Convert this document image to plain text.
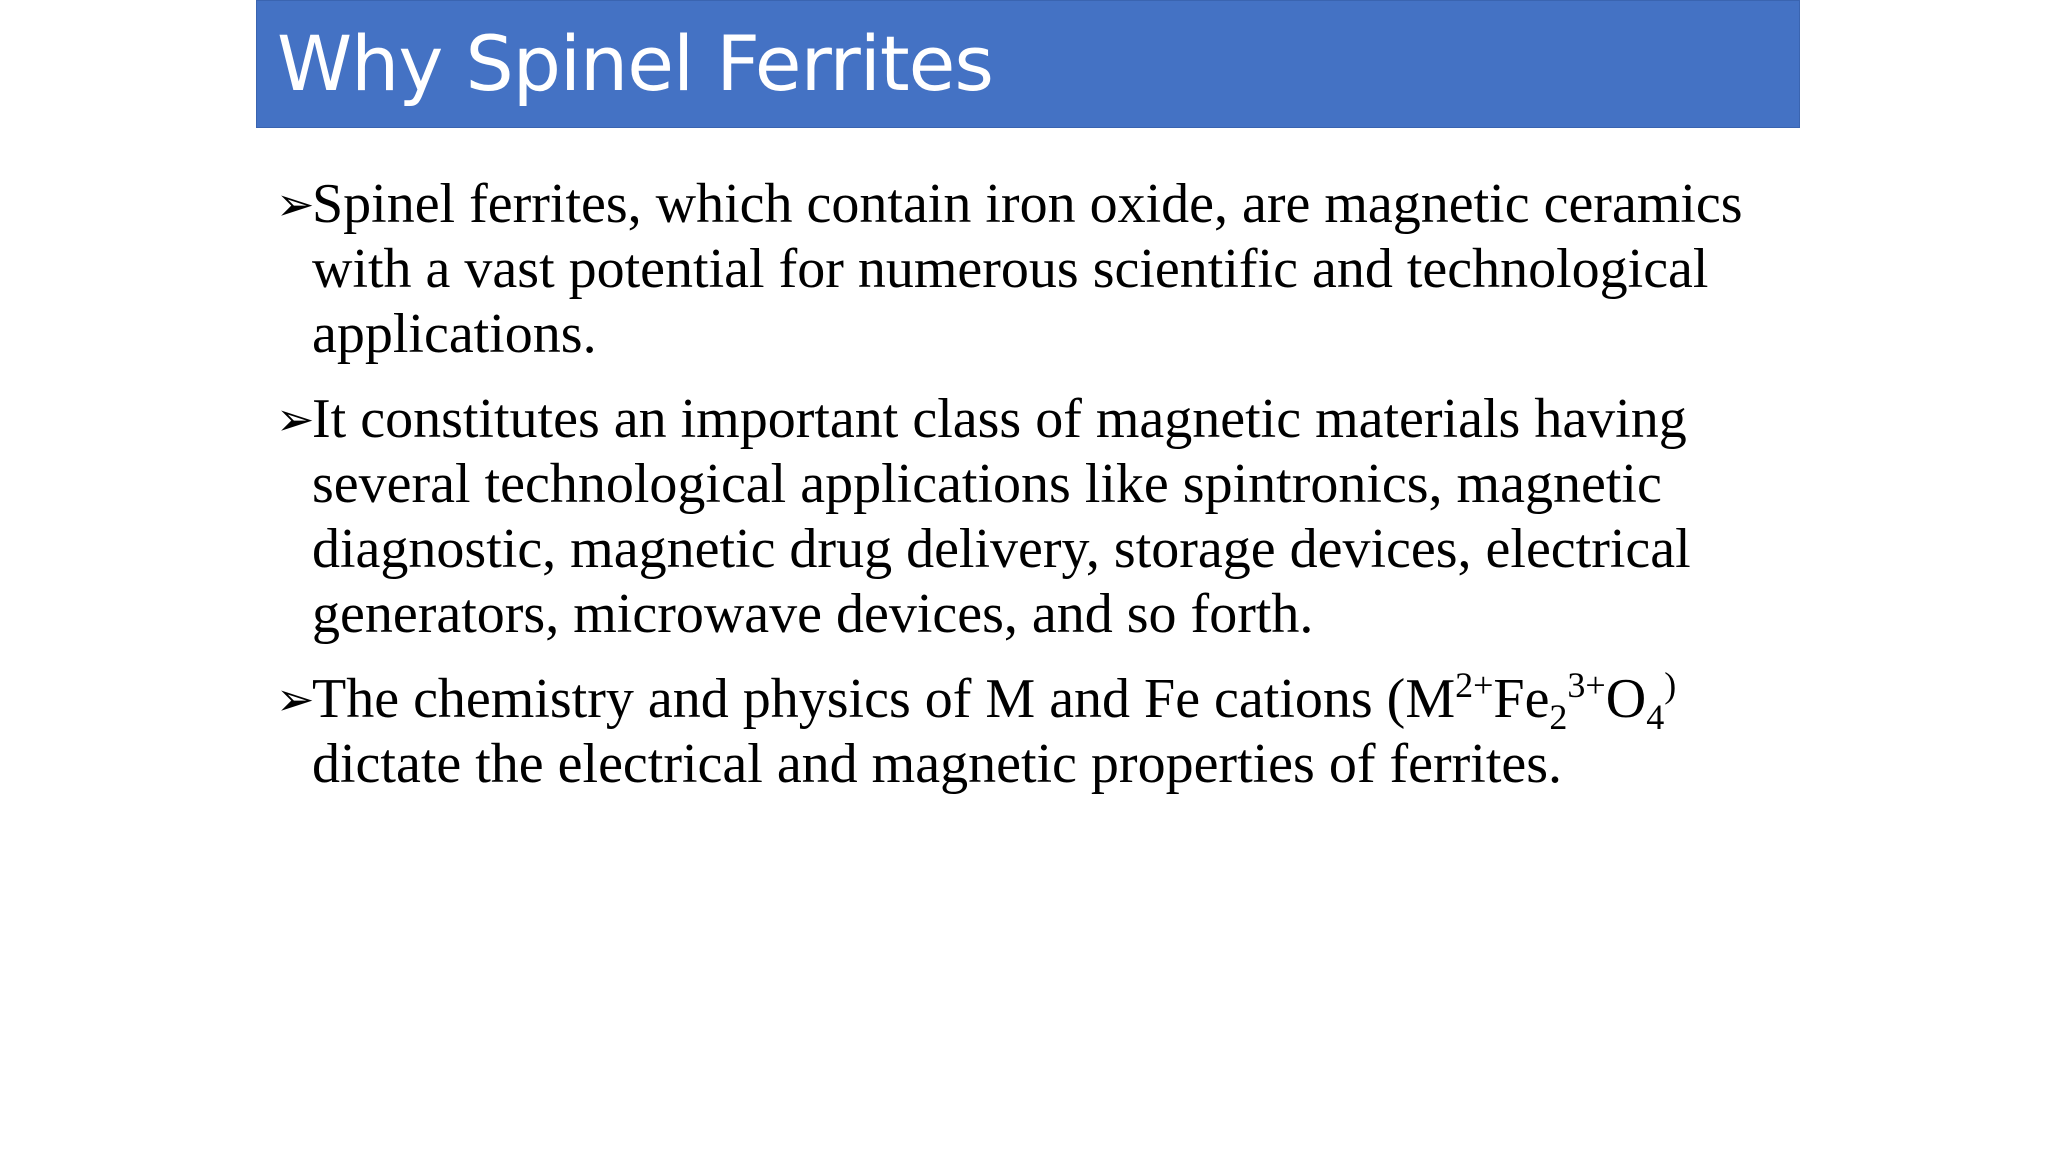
Why Spinel Ferrites
➢
Spinel ferrites, which contain iron oxide, are magnetic ceramics with a vast potential for numerous scientific and technological applications.
➢
It constitutes an important class of magnetic materials having several technological applications like spintronics, magnetic diagnostic, magnetic drug delivery, storage devices, electrical generators, microwave devices, and so forth.
➢
The chemistry and physics of M and Fe cations ($M^{2+}Fe_2^{3+}O_4^)$ dictate the electrical and magnetic properties of ferrites.
